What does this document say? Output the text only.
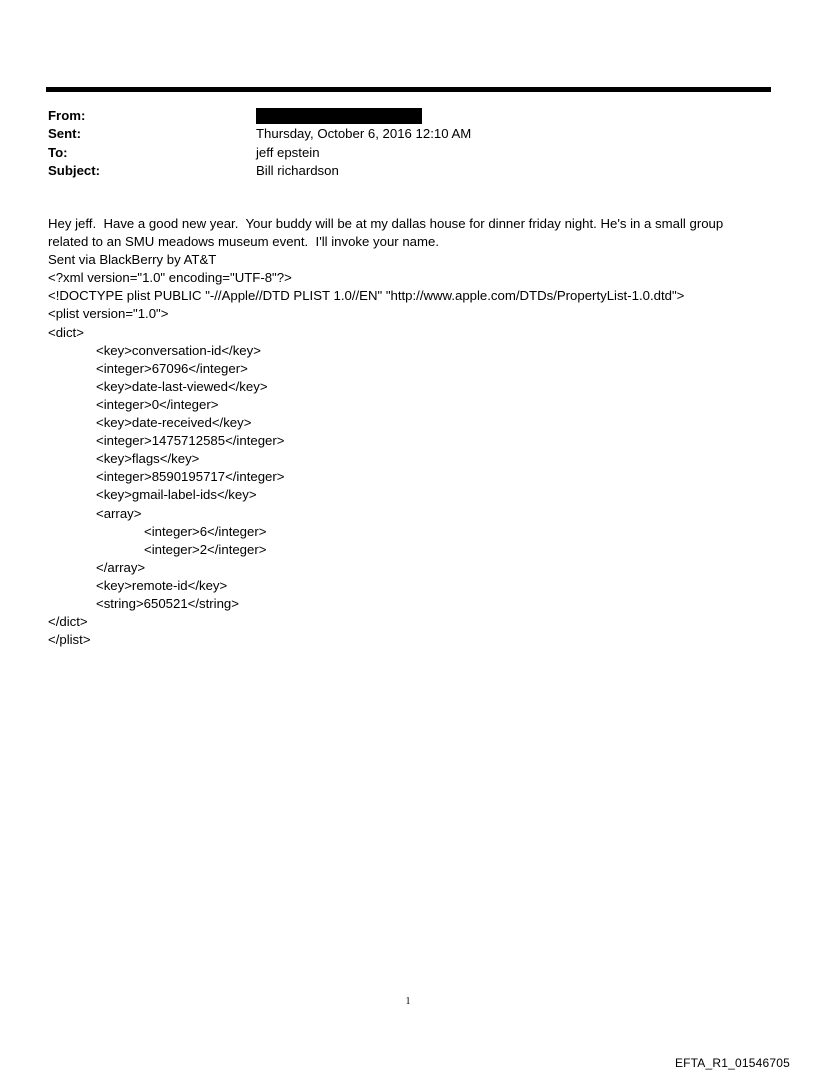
From:
Sent:	Thursday, October 6, 2016 12:10 AM
To:	jeff epstein
Subject:	Bill richardson
Hey jeff.  Have a good new year.  Your buddy will be at my dallas house for dinner friday night. He's in a small group
related to an SMU meadows museum event.  I'll invoke your name.
Sent via BlackBerry by AT&T
<?xml version="1.0" encoding="UTF-8"?>
<!DOCTYPE plist PUBLIC "-//Apple//DTD PLIST 1.0//EN" "http://www.apple.com/DTDs/PropertyList-1.0.dtd">
<plist version="1.0">
<dict>
<key>conversation-id</key>
<integer>67096</integer>
<key>date-last-viewed</key>
<integer>0</integer>
<key>date-received</key>
<integer>1475712585</integer>
<key>flags</key>
<integer>8590195717</integer>
<key>gmail-label-ids</key>
<array>
<integer>6</integer>
<integer>2</integer>
</array>
<key>remote-id</key>
<string>650521</string>
</dict>
</plist>
1
EFTA_R1_01546705
